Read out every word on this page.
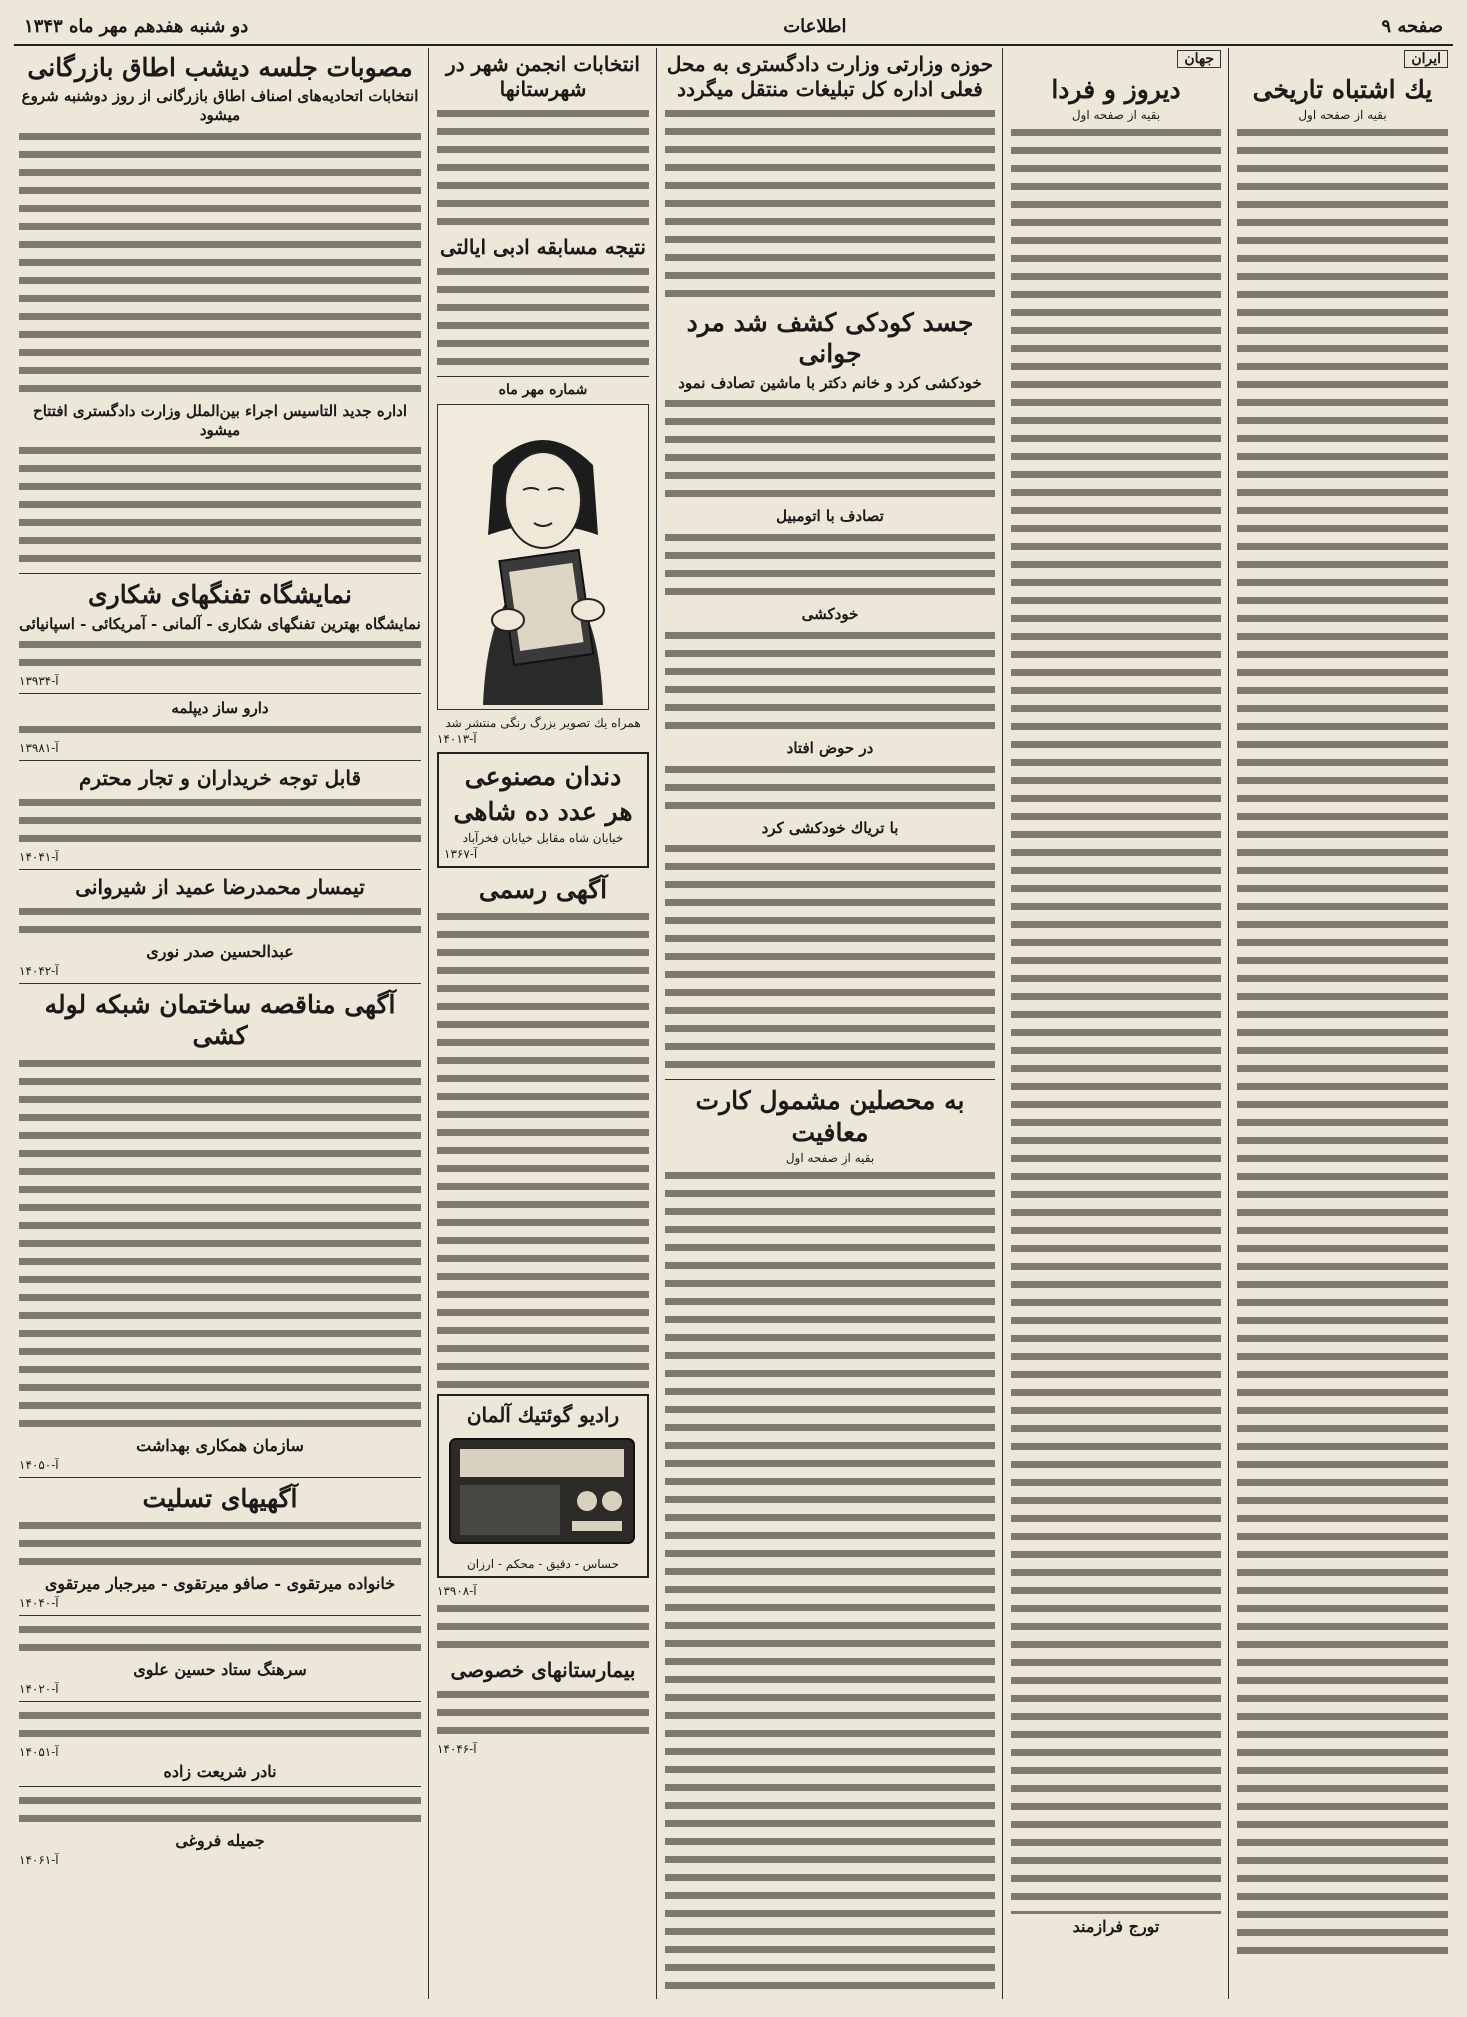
صفحه ۹
اطلاعات
دو شنبه هفدهم مهر ماه ۱۳۴۳
ایران
یك اشتباه تاریخی
بقیه از صفحه اول
جهان
دیروز و فردا
بقیه از صفحه اول
تورج فرازمند
حوزه وزارتی وزارت دادگستری به محل فعلی اداره کل تبلیغات منتقل میگردد
جسد کودکی کشف شد مرد جوانی
خودکشی کرد و خانم دکتر با ماشین تصادف نمود
تصادف با اتومبیل
خودکشی
در حوض افتاد
با تریاك خودکشی کرد
به محصلین مشمول کارت معافیت
بقیه از صفحه اول
انتخابات انجمن شهر در شهرستانها
نتیجه مسابقه ادبی ایالتی
شماره مهر ماه
همراه یك تصویر بزرگ رنگی منتشر شد
آ-۱۴۰۱۳
دندان مصنوعی
هر عدد ده شاهی
خیابان شاه مقابل خیابان فخرآباد
آ-۱۳۶۷
آگهی رسمی
رادیو گوئتیك آلمان
حساس - دقیق - محکم - ارزان
آ-۱۳۹۰۸
بیمارستانهای خصوصی
آ-۱۴۰۴۶
مصوبات جلسه دیشب اطاق بازرگانی
انتخابات اتحادیه‌های اصناف اطاق بازرگانی از روز دوشنبه شروع میشود
اداره جدید التاسیس اجراء بین‌الملل وزارت دادگستری افتتاح میشود
نمایشگاه تفنگهای شکاری
نمایشگاه بهترین تفنگهای شکاری - آلمانی - آمریکائی - اسپانیائی
آ-۱۳۹۳۴
دارو ساز دیپلمه
آ-۱۳۹۸۱
قابل توجه خریداران و تجار محترم
آ-۱۴۰۴۱
تیمسار محمدرضا عمید از شیروانی
عبدالحسین صدر نوری
آ-۱۴۰۴۲
آگهی مناقصه ساختمان شبکه لوله کشی
سازمان همکاری بهداشت
آ-۱۴۰۵۰
آگهیهای تسلیت
خانواده میرتقوی - صافو میرتقوی - میرجبار میرتقوی
آ-۱۴۰۴۰
سرهنگ ستاد حسین علوی
آ-۱۴۰۲۰
آ-۱۴۰۵۱
نادر شریعت زاده
جمیله فروغی
آ-۱۴۰۶۱
